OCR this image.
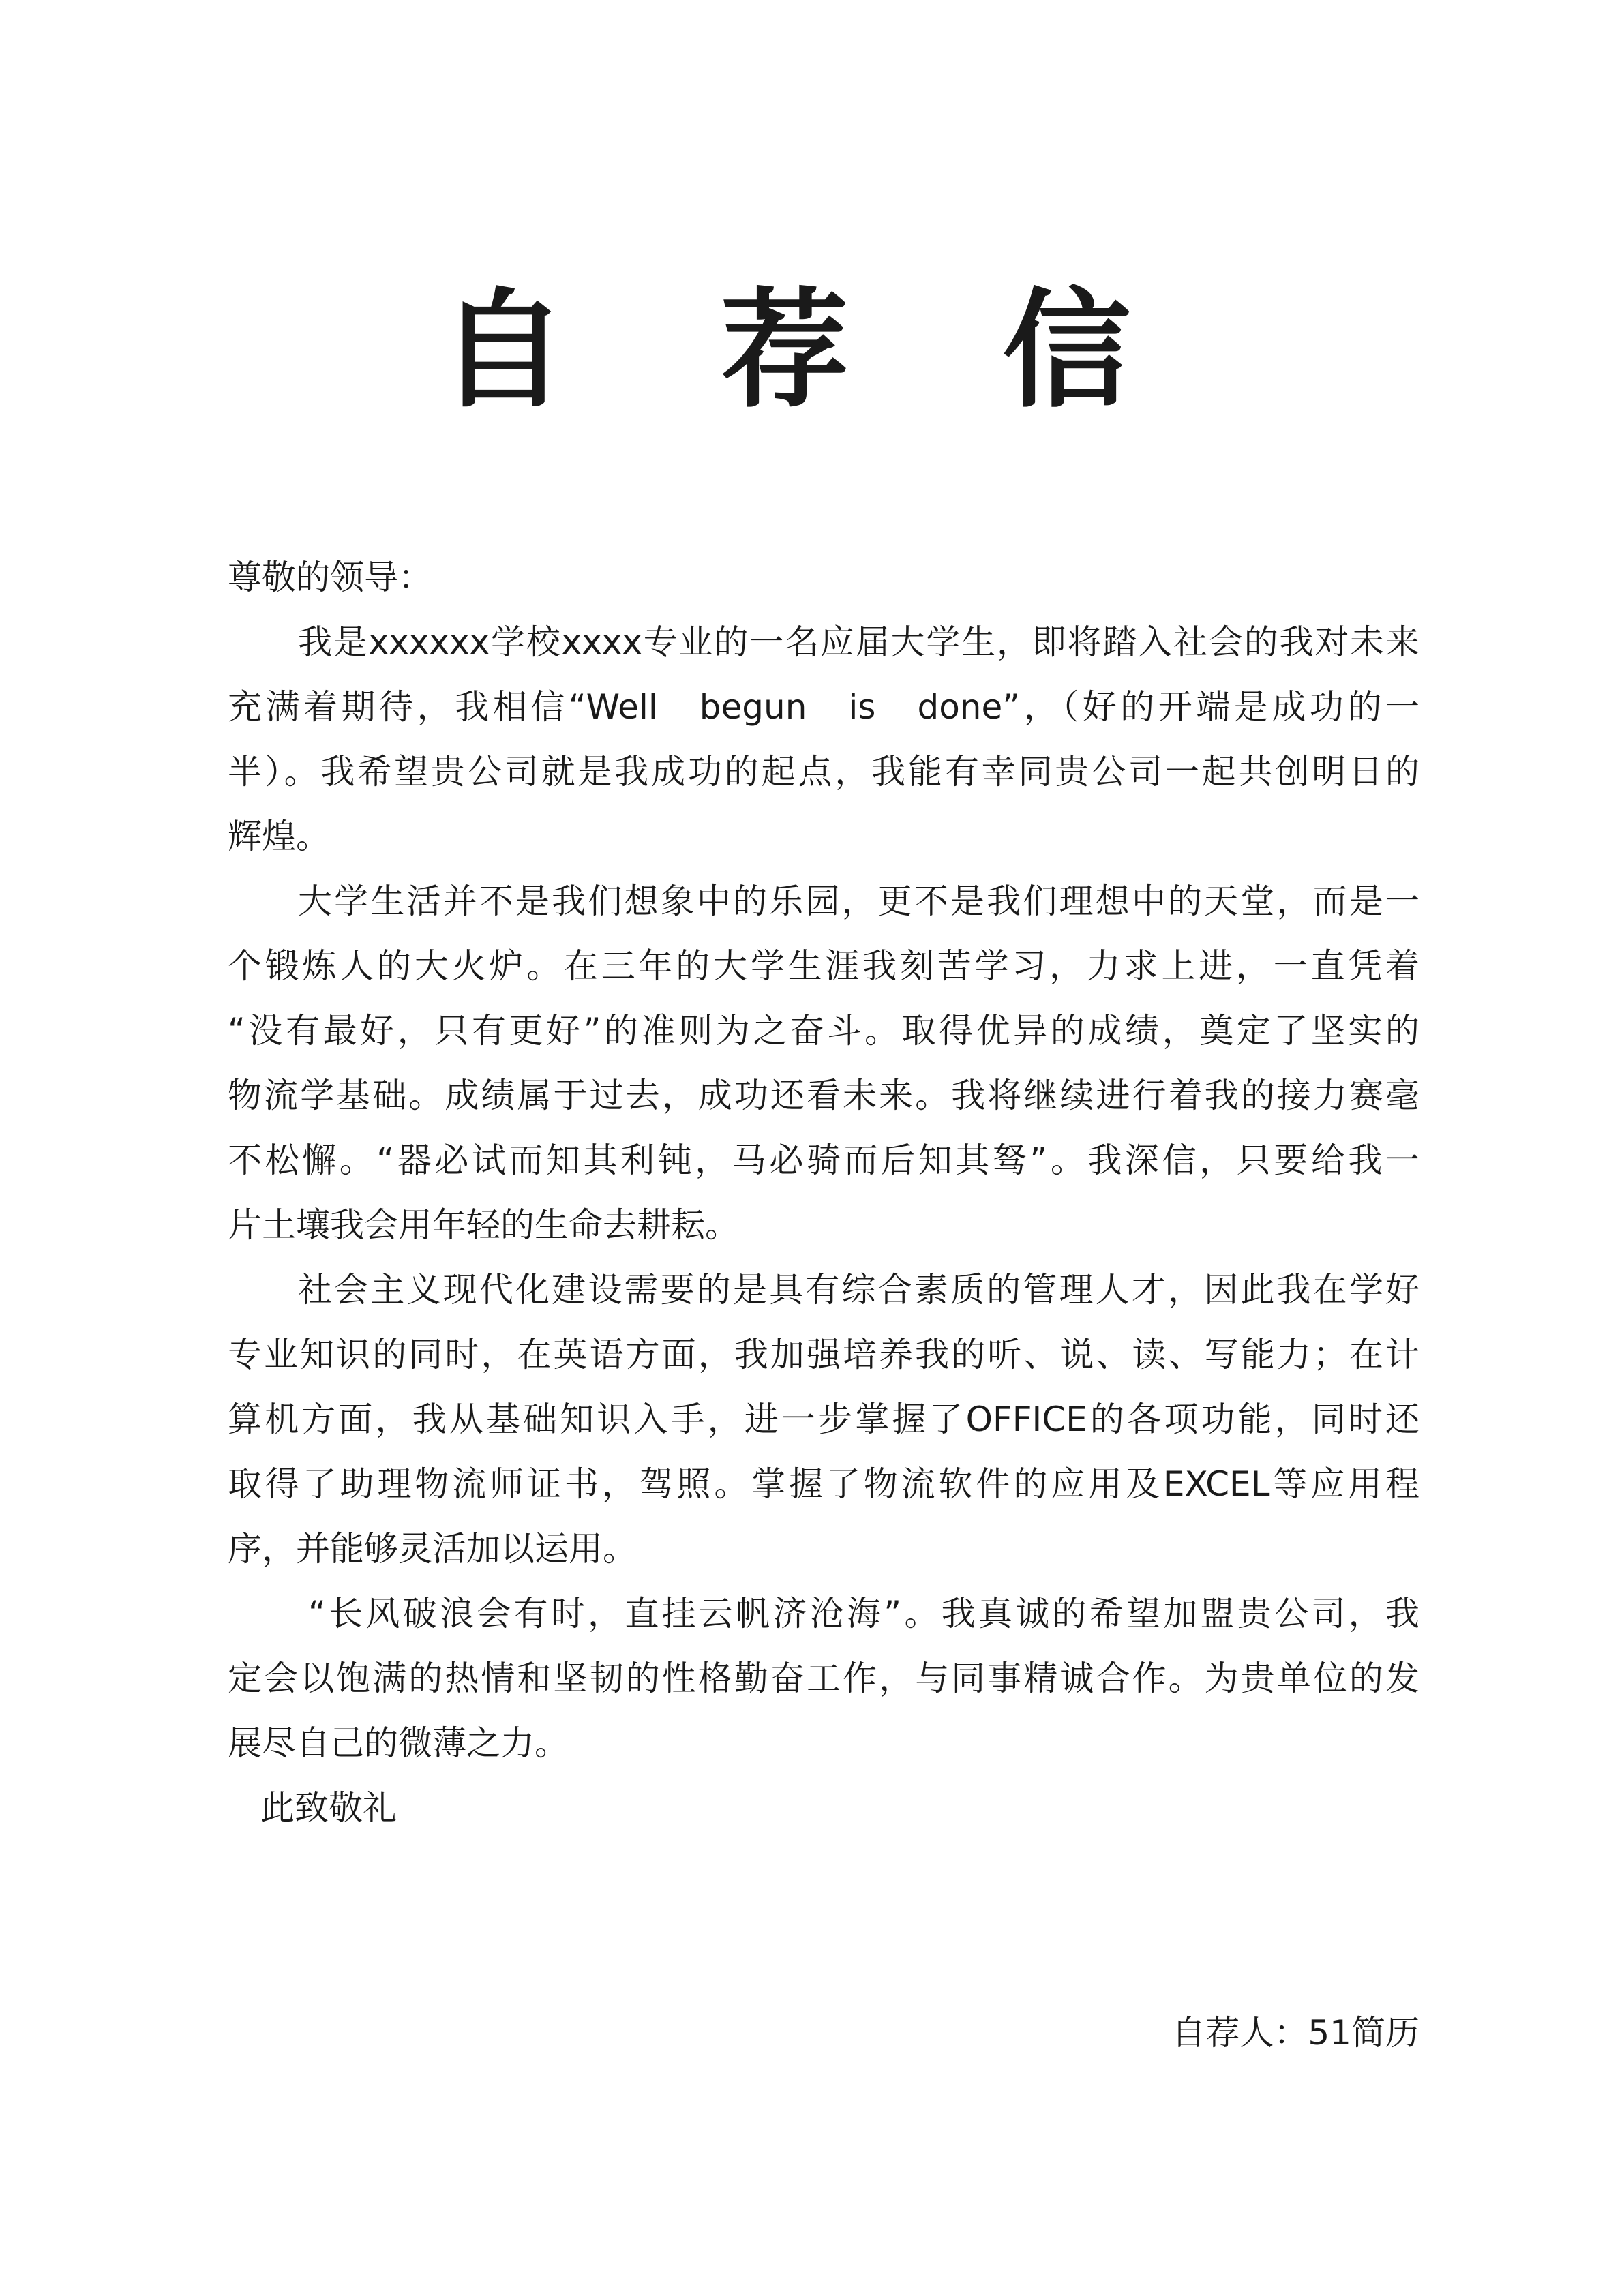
自 荐 信
尊敬的领导：
我是xxxxxx学校xxxx专业的一名应届大学生，即将踏入社会的我对未来
充满着期待，我相信“Well　begun　is　done”，（好的开端是成功的一
半）。我希望贵公司就是我成功的起点，我能有幸同贵公司一起共创明日的
辉煌。
大学生活并不是我们想象中的乐园，更不是我们理想中的天堂，而是一
个锻炼人的大火炉。在三年的大学生涯我刻苦学习，力求上进，一直凭着
“没有最好，只有更好”的准则为之奋斗。取得优异的成绩，奠定了坚实的
物流学基础。成绩属于过去，成功还看未来。我将继续进行着我的接力赛毫
不松懈。“器必试而知其利钝，马必骑而后知其驽”。我深信，只要给我一
片土壤我会用年轻的生命去耕耘。
社会主义现代化建设需要的是具有综合素质的管理人才，因此我在学好
专业知识的同时，在英语方面，我加强培养我的听、说、读、写能力；在计
算机方面，我从基础知识入手，进一步掌握了OFFICE的各项功能，同时还
取得了助理物流师证书，驾照。掌握了物流软件的应用及EXCEL等应用程
序，并能够灵活加以运用。
“长风破浪会有时，直挂云帆济沧海”。我真诚的希望加盟贵公司，我
定会以饱满的热情和坚韧的性格勤奋工作，与同事精诚合作。为贵单位的发
展尽自己的微薄之力。
此致敬礼
自荐人：51简历
